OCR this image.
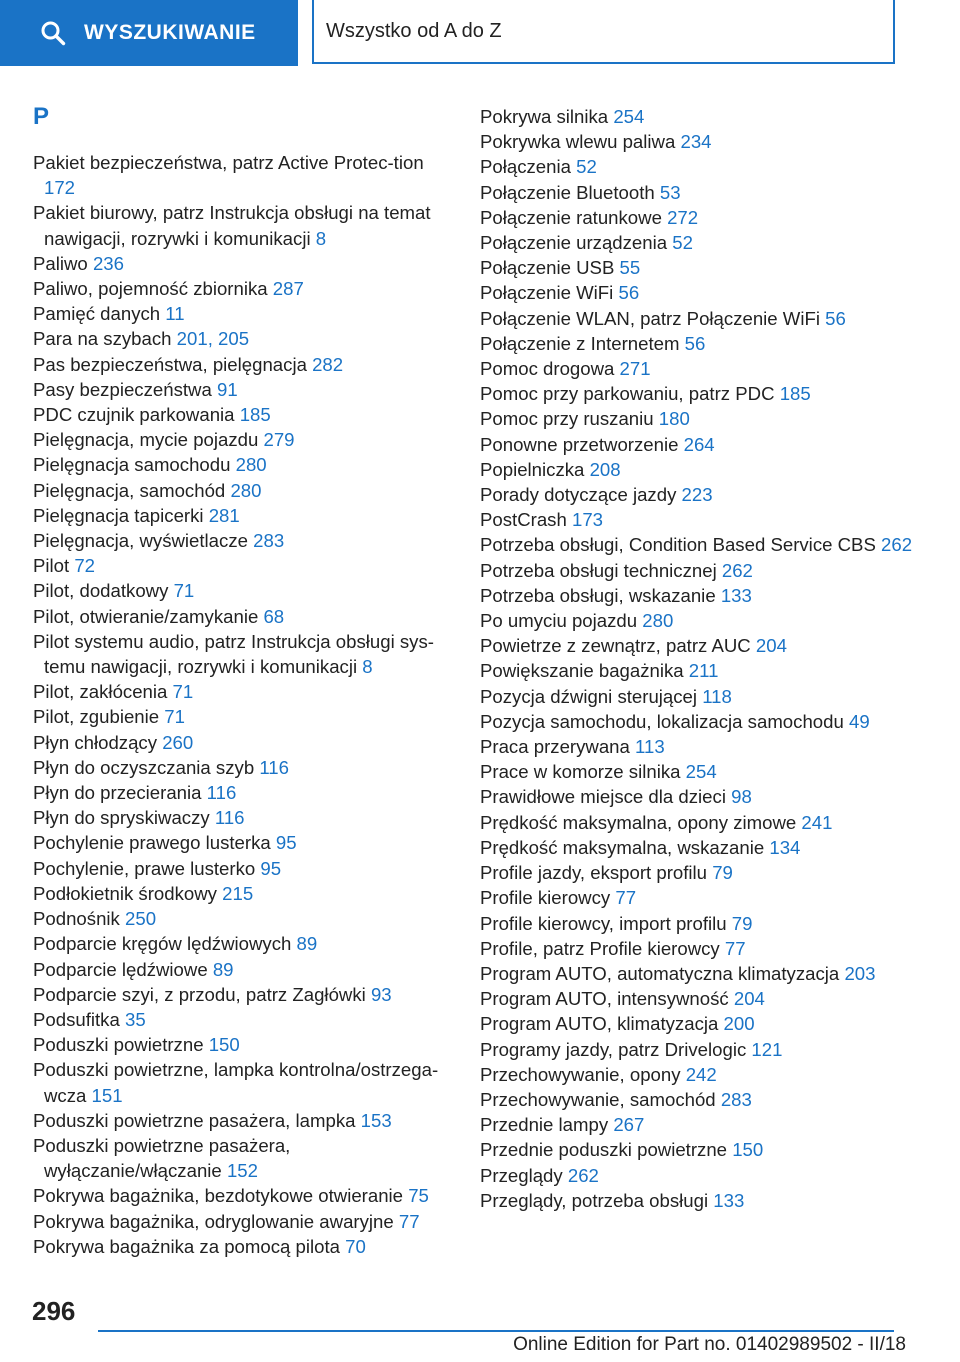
WYSZUKIWANIE	Wszystko od A do Z
P
Pakiet bezpieczeństwa, patrz Active Protec‐tion 172
Pakiet biurowy, patrz Instrukcja obsługi na temat nawigacji, rozrywki i komunikacji 8
Paliwo 236
Paliwo, pojemność zbiornika 287
Pamięć danych 11
Para na szybach 201, 205
Pas bezpieczeństwa, pielęgnacja 282
Pasy bezpieczeństwa 91
PDC czujnik parkowania 185
Pielęgnacja, mycie pojazdu 279
Pielęgnacja samochodu 280
Pielęgnacja, samochód 280
Pielęgnacja tapicerki 281
Pielęgnacja, wyświetlacze 283
Pilot 72
Pilot, dodatkowy 71
Pilot, otwieranie/zamykanie 68
Pilot systemu audio, patrz Instrukcja obsługi sys‐temu nawigacji, rozrywki i komunikacji 8
Pilot, zakłócenia 71
Pilot, zgubienie 71
Płyn chłodzący 260
Płyn do oczyszczania szyb 116
Płyn do przecierania 116
Płyn do spryskiwaczy 116
Pochylenie prawego lusterka 95
Pochylenie, prawe lusterko 95
Podłokietnik środkowy 215
Podnośnik 250
Podparcie kręgów lędźwiowych 89
Podparcie lędźwiowe 89
Podparcie szyi, z przodu, patrz Zagłówki 93
Podsufitka 35
Poduszki powietrzne 150
Poduszki powietrzne, lampka kontrolna/ostrzega‐wcza 151
Poduszki powietrzne pasażera, lampka 153
Poduszki powietrzne pasażera, wyłączanie/włączanie 152
Pokrywa bagażnika, bezdotykowe otwieranie 75
Pokrywa bagażnika, odryglowanie awaryjne 77
Pokrywa bagażnika za pomocą pilota 70
Pokrywa silnika 254
Pokrywka wlewu paliwa 234
Połączenia 52
Połączenie Bluetooth 53
Połączenie ratunkowe 272
Połączenie urządzenia 52
Połączenie USB 55
Połączenie WiFi 56
Połączenie WLAN, patrz Połączenie WiFi 56
Połączenie z Internetem 56
Pomoc drogowa 271
Pomoc przy parkowaniu, patrz PDC 185
Pomoc przy ruszaniu 180
Ponowne przetworzenie 264
Popielniczka 208
Porady dotyczące jazdy 223
PostCrash 173
Potrzeba obsługi, Condition Based Service CBS 262
Potrzeba obsługi technicznej 262
Potrzeba obsługi, wskazanie 133
Po umyciu pojazdu 280
Powietrze z zewnątrz, patrz AUC 204
Powiększanie bagażnika 211
Pozycja dźwigni sterującej 118
Pozycja samochodu, lokalizacja samochodu 49
Praca przerywana 113
Prace w komorze silnika 254
Prawidłowe miejsce dla dzieci 98
Prędkość maksymalna, opony zimowe 241
Prędkość maksymalna, wskazanie 134
Profile jazdy, eksport profilu 79
Profile kierowcy 77
Profile kierowcy, import profilu 79
Profile, patrz Profile kierowcy 77
Program AUTO, automatyczna klimatyzacja 203
Program AUTO, intensywność 204
Program AUTO, klimatyzacja 200
Programy jazdy, patrz Drivelogic 121
Przechowywanie, opony 242
Przechowywanie, samochód 283
Przednie lampy 267
Przednie poduszki powietrzne 150
Przeglądy 262
Przeglądy, potrzeba obsługi 133
296
Online Edition for Part no. 01402989502 - II/18
